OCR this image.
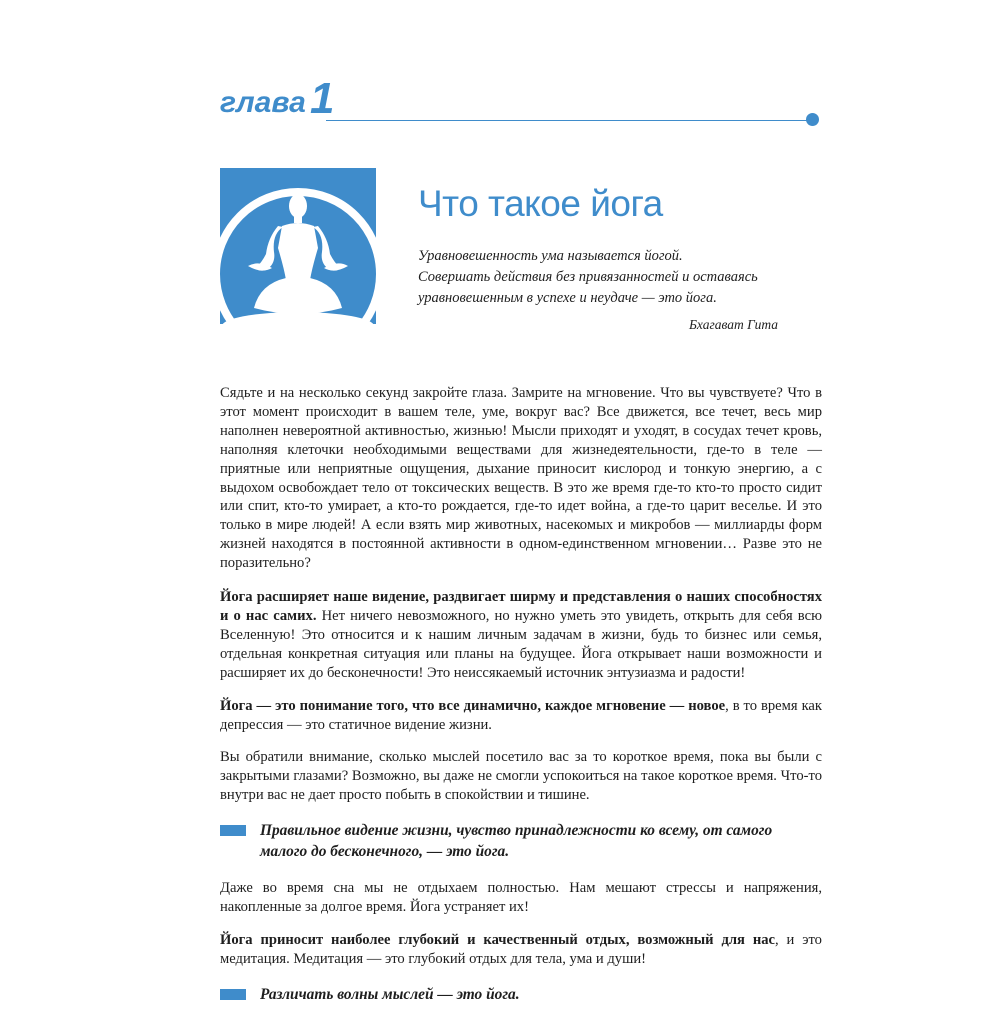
глава 1
Что такое йога

Уравновешенность ума называется йогой.

Совершать действия без привязанностей и оставаясь

уравновешенным в успехе и неудаче — это йога.

Бхагават Гита

Сядьте и на несколько секунд закройте глаза. Замрите на мгновение. Что вы чувствуете? Что в этот момент происходит в вашем теле, уме, вокруг вас? Все движется, все течет, весь мир наполнен невероятной активностью, жизнью! Мысли приходят и уходят, в сосудах течет кровь, наполняя клеточки необходимыми веществами для жизнедеятельности, где-то в теле — приятные или неприятные ощущения, дыхание приносит кислород и тонкую энергию, а с выдохом освобождает тело от токсических веществ. В это же время где-то кто-то просто сидит или спит, кто-то умирает, а кто-то рождается, где-то идет война, а где-то царит веселье. И это только в мире людей! А если взять мир животных, насекомых и микробов — миллиарды форм жизней находятся в постоянной активности в одном-единственном мгновении… Разве это не поразительно?

Йога расширяет наше видение, раздвигает ширму и представления о наших способностях и о нас самих. Нет ничего невозможного, но нужно уметь это увидеть, открыть для себя всю Вселенную! Это относится и к нашим личным задачам в жизни, будь то бизнес или семья, отдельная конкретная ситуация или планы на будущее. Йога открывает наши возможности и расширяет их до бесконечности! Это неиссякаемый источник энтузиазма и радости!

Йога — это понимание того, что все динамично, каждое мгновение — новое, в то время как депрессия — это статичное видение жизни.

Вы обратили внимание, сколько мыслей посетило вас за то короткое время, пока вы были с закрытыми глазами? Возможно, вы даже не смогли успокоиться на такое короткое время. Что-то внутри вас не дает просто побыть в спокойствии и тишине.

Правильное видение жизни, чувство принадлежности ко всему, от самого малого до бесконечного, — это йога.

Даже во время сна мы не отдыхаем полностью. Нам мешают стрессы и напряжения, накопленные за долгое время. Йога устраняет их!

Йога приносит наиболее глубокий и качественный отдых, возможный для нас, и это медитация. Медитация — это глубокий отдых для тела, ума и души!

Различать волны мыслей — это йога.
